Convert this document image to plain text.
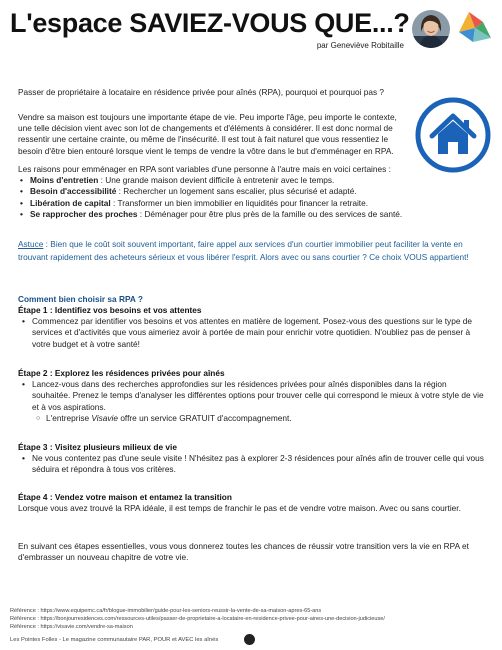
L'espace SAVIEZ-VOUS QUE...?
par Geneviève Robitaille
Passer de propriétaire à locataire en résidence privée pour aînés (RPA), pourquoi et pourquoi pas ?
Vendre sa maison est toujours une importante étape de vie. Peu importe l'âge, peu importe le contexte, une telle décision vient avec son lot de changements et d'éléments à considérer. Il est donc normal de ressentir une certaine crainte, ou même de l'insécurité. Il est tout à fait naturel que vous ressentiez le besoin d'être bien entouré lorsque vient le temps de vendre la vôtre dans le but d'emménager en RPA.
Les raisons pour emménager en RPA sont variables d'une personne à l'autre mais en voici certaines :
• Moins d'entretien : Une grande maison devient difficile à entretenir avec le temps.
• Besoin d'accessibilité : Rechercher un logement sans escalier, plus sécurisé et adapté.
• Libération de capital : Transformer un bien immobilier en liquidités pour financer la retraite.
• Se rapprocher des proches : Déménager pour être plus près de la famille ou des services de santé.
Astuce : Bien que le coût soit souvent important, faire appel aux services d'un courtier immobilier peut faciliter la vente en trouvant rapidement des acheteurs sérieux et vous libérer l'esprit. Alors avec ou sans courtier ? Ce choix VOUS appartient!
Comment bien choisir sa RPA ?
Étape 1 : Identifiez vos besoins et vos attentes
• Commencez par identifier vos besoins et vos attentes en matière de logement. Posez-vous des questions sur le type de services et d'activités que vous aimeriez avoir à portée de main pour enrichir votre quotidien. N'oubliez pas de penser à votre budget et à votre santé!
Étape 2 : Explorez les résidences privées pour aînés
• Lancez-vous dans des recherches approfondies sur les résidences privées pour aînés disponibles dans la région souhaitée. Prenez le temps d'analyser les différentes options pour trouver celle qui correspond le mieux à votre style de vie et à vos aspirations.
○ L'entreprise Visavie offre un service GRATUIT d'accompagnement.
Étape 3 : Visitez plusieurs milieux de vie
• Ne vous contentez pas d'une seule visite ! N'hésitez pas à explorer 2-3 résidences pour aînés afin de trouver celle qui vous séduira et répondra à tous vos critères.
Étape 4 : Vendez votre maison et entamez la transition
Lorsque vous avez trouvé la RPA idéale, il est temps de franchir le pas et de vendre votre maison. Avec ou sans courtier.
En suivant ces étapes essentielles, vous vous donnerez toutes les chances de réussir votre transition vers la vie en RPA et d'embrasser un nouveau chapitre de votre vie.
Référence : https://www.equipemc.ca/fr/blogue-immobilier/guide-pour-les-seniors-reussir-la-vente-de-sa-maison-apres-65-ans
Référence : https://bonjourresidences.com/ressources-utiles/passer-de-proprietaire-a-locataire-en-residence-privee-pour-aines-une-decision-judicieuse/
Référence : https://visavie.com/vendre-sa-maison
Les Pointes Folles - Le magazine communautaire PAR, POUR et AVEC les aînés
